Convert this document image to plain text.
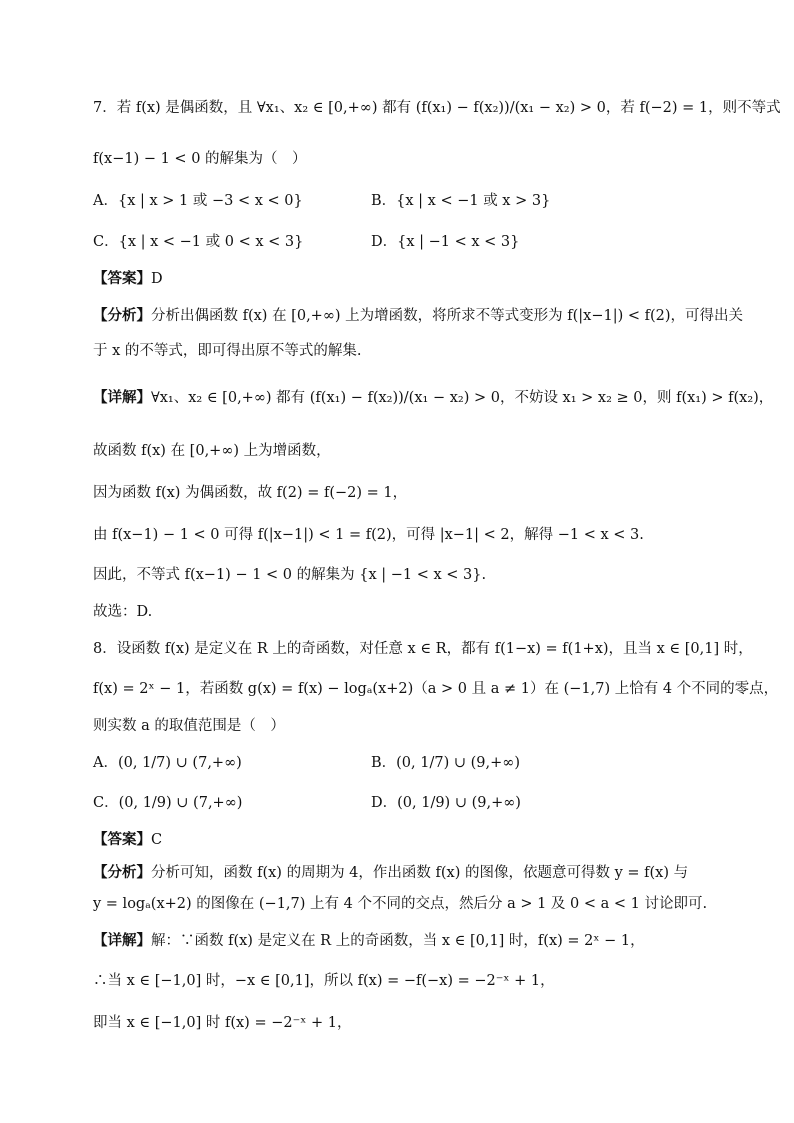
7．若 f(x) 是偶函数，且 ∀x₁、x₂ ∈ [0,+∞) 都有 (f(x₁) − f(x₂))/(x₁ − x₂) > 0，若 f(−2) = 1，则不等式
f(x−1) − 1 < 0 的解集为（　）
A．{x | x > 1 或 −3 < x < 0}	B．{x | x < −1 或 x > 3}
C．{x | x < −1 或 0 < x < 3}	D．{x | −1 < x < 3}
【答案】D
【分析】分析出偶函数 f(x) 在 [0,+∞) 上为增函数，将所求不等式变形为 f(|x−1|) < f(2)，可得出关
于 x 的不等式，即可得出原不等式的解集.
【详解】∀x₁、x₂ ∈ [0,+∞) 都有 (f(x₁) − f(x₂))/(x₁ − x₂) > 0，不妨设 x₁ > x₂ ≥ 0，则 f(x₁) > f(x₂)，
故函数 f(x) 在 [0,+∞) 上为增函数，
因为函数 f(x) 为偶函数，故 f(2) = f(−2) = 1，
由 f(x−1) − 1 < 0 可得 f(|x−1|) < 1 = f(2)，可得 |x−1| < 2，解得 −1 < x < 3.
因此，不等式 f(x−1) − 1 < 0 的解集为 {x | −1 < x < 3}.
故选：D.
8．设函数 f(x) 是定义在 R 上的奇函数，对任意 x ∈ R，都有 f(1−x) = f(1+x)，且当 x ∈ [0,1] 时，
f(x) = 2ˣ − 1，若函数 g(x) = f(x) − logₐ(x+2)（a > 0 且 a ≠ 1）在 (−1,7) 上恰有 4 个不同的零点，
则实数 a 的取值范围是（　）
A．(0, 1/7) ∪ (7,+∞)	B．(0, 1/7) ∪ (9,+∞)
C．(0, 1/9) ∪ (7,+∞)	D．(0, 1/9) ∪ (9,+∞)
【答案】C
【分析】分析可知，函数 f(x) 的周期为 4，作出函数 f(x) 的图像，依题意可得数 y = f(x) 与
y = logₐ(x+2) 的图像在 (−1,7) 上有 4 个不同的交点，然后分 a > 1 及 0 < a < 1 讨论即可.
【详解】解：∵函数 f(x) 是定义在 R 上的奇函数，当 x ∈ [0,1] 时，f(x) = 2ˣ − 1，
∴当 x ∈ [−1,0] 时，−x ∈ [0,1]，所以 f(x) = −f(−x) = −2⁻ˣ + 1，
即当 x ∈ [−1,0] 时 f(x) = −2⁻ˣ + 1，
